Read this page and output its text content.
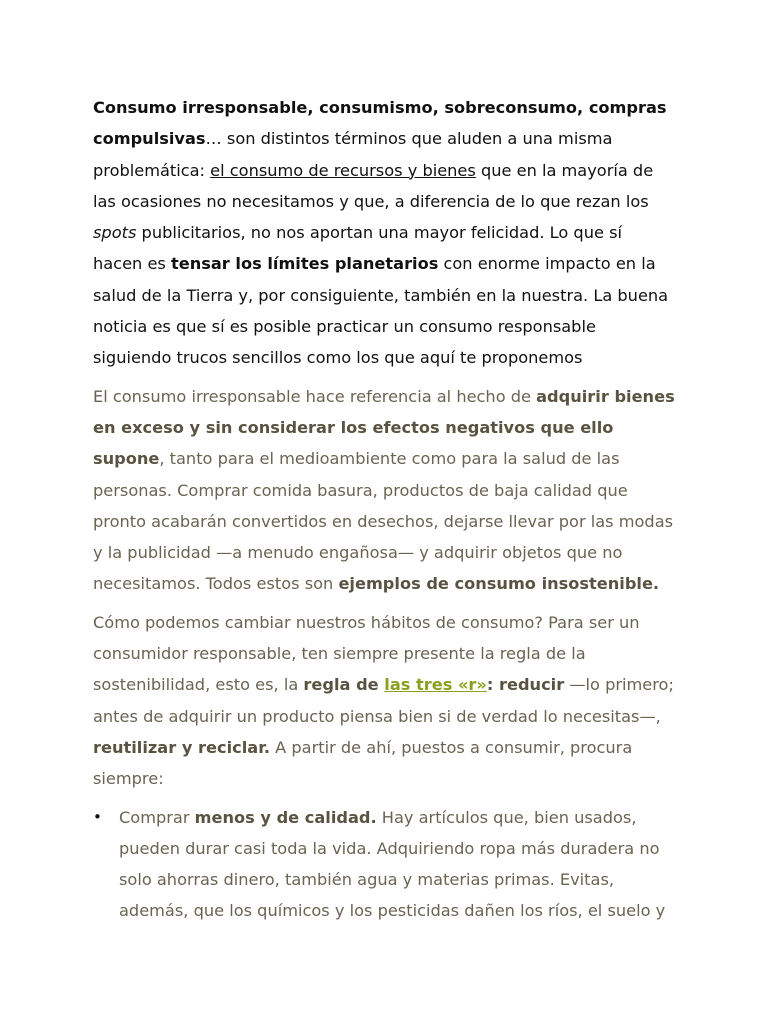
Consumo irresponsable, consumismo, sobreconsumo, compras compulsivas… son distintos términos que aluden a una misma problemática: el consumo de recursos y bienes que en la mayoría de las ocasiones no necesitamos y que, a diferencia de lo que rezan los spots publicitarios, no nos aportan una mayor felicidad. Lo que sí hacen es tensar los límites planetarios con enorme impacto en la salud de la Tierra y, por consiguiente, también en la nuestra. La buena noticia es que sí es posible practicar un consumo responsable siguiendo trucos sencillos como los que aquí te proponemos

El consumo irresponsable hace referencia al hecho de adquirir bienes en exceso y sin considerar los efectos negativos que ello supone, tanto para el medioambiente como para la salud de las personas. Comprar comida basura, productos de baja calidad que pronto acabarán convertidos en desechos, dejarse llevar por las modas y la publicidad —a menudo engañosa— y adquirir objetos que no necesitamos. Todos estos son ejemplos de consumo insostenible.

Cómo podemos cambiar nuestros hábitos de consumo? Para ser un consumidor responsable, ten siempre presente la regla de la sostenibilidad, esto es, la regla de las tres «r»: reducir —lo primero; antes de adquirir un producto piensa bien si de verdad lo necesitas—, reutilizar y reciclar. A partir de ahí, puestos a consumir, procura siempre:

• Comprar menos y de calidad. Hay artículos que, bien usados, pueden durar casi toda la vida. Adquiriendo ropa más duradera no solo ahorras dinero, también agua y materias primas. Evitas, además, que los químicos y los pesticidas dañen los ríos, el suelo y
